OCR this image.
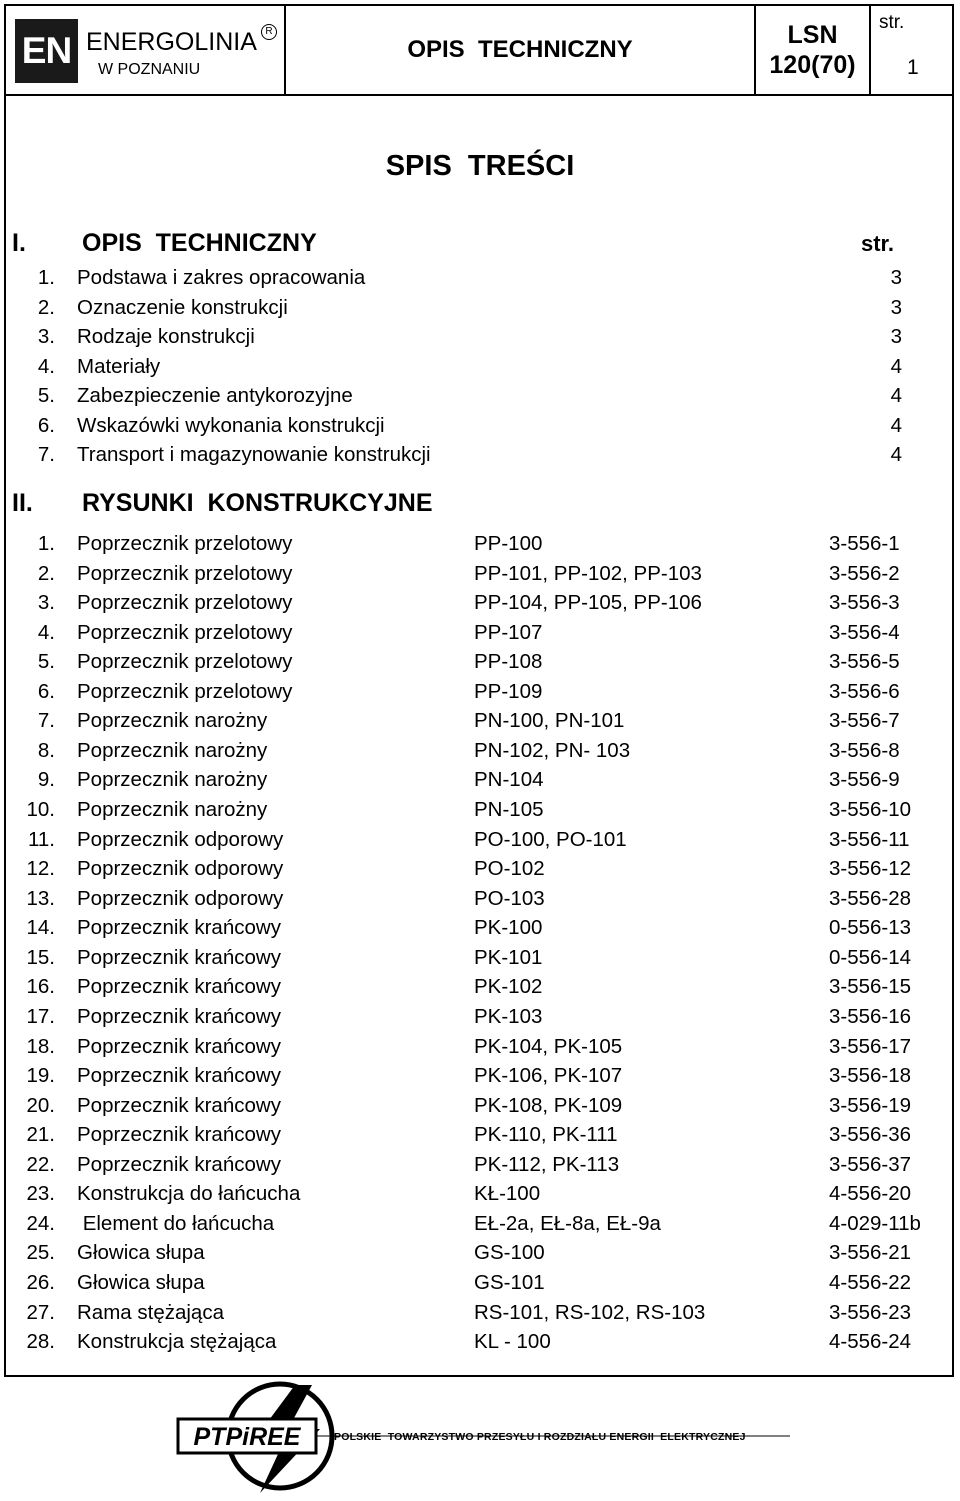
EN ENERGOLINIA R
W POZNANIU
OPIS  TECHNICZNY
LSN
120(70)
str.
1
SPIS  TREŚCI
I. OPIS  TECHNICZNY	str.
1. Podstawa i zakres opracowania	3
2. Oznaczenie konstrukcji	3
3. Rodzaje konstrukcji	3
4. Materiały	4
5. Zabezpieczenie antykorozyjne	4
6. Wskazówki wykonania konstrukcji	4
7. Transport i magazynowanie konstrukcji	4
II. RYSUNKI  KONSTRUKCYJNE
1. Poprzecznik przelotowy	PP-100	3-556-1
2. Poprzecznik przelotowy	PP-101, PP-102, PP-103	3-556-2
3. Poprzecznik przelotowy	PP-104, PP-105, PP-106	3-556-3
4. Poprzecznik przelotowy	PP-107	3-556-4
5. Poprzecznik przelotowy	PP-108	3-556-5
6. Poprzecznik przelotowy	PP-109	3-556-6
7. Poprzecznik narożny	PN-100, PN-101	3-556-7
8. Poprzecznik narożny	PN-102, PN- 103	3-556-8
9. Poprzecznik narożny	PN-104	3-556-9
10. Poprzecznik narożny	PN-105	3-556-10
11. Poprzecznik odporowy	PO-100, PO-101	3-556-11
12. Poprzecznik odporowy	PO-102	3-556-12
13. Poprzecznik odporowy	PO-103	3-556-28
14. Poprzecznik krańcowy	PK-100	0-556-13
15. Poprzecznik krańcowy	PK-101	0-556-14
16. Poprzecznik krańcowy	PK-102	3-556-15
17. Poprzecznik krańcowy	PK-103	3-556-16
18. Poprzecznik krańcowy	PK-104, PK-105	3-556-17
19. Poprzecznik krańcowy	PK-106, PK-107	3-556-18
20. Poprzecznik krańcowy	PK-108, PK-109	3-556-19
21. Poprzecznik krańcowy	PK-110, PK-111	3-556-36
22. Poprzecznik krańcowy	PK-112, PK-113	3-556-37
23. Konstrukcja do łańcucha	KŁ-100	4-556-20
24. Element do łańcucha	EŁ-2a, EŁ-8a, EŁ-9a	4-029-11b
25. Głowica słupa	GS-100	3-556-21
26. Głowica słupa	GS-101	4-556-22
27. Rama stężająca	RS-101, RS-102, RS-103	3-556-23
28. Konstrukcja stężająca	KL - 100	4-556-24
PTPiREE	POLSKIE  TOWARZYSTWO PRZESYŁU I ROZDZIAŁU ENERGII  ELEKTRYCZNEJ
